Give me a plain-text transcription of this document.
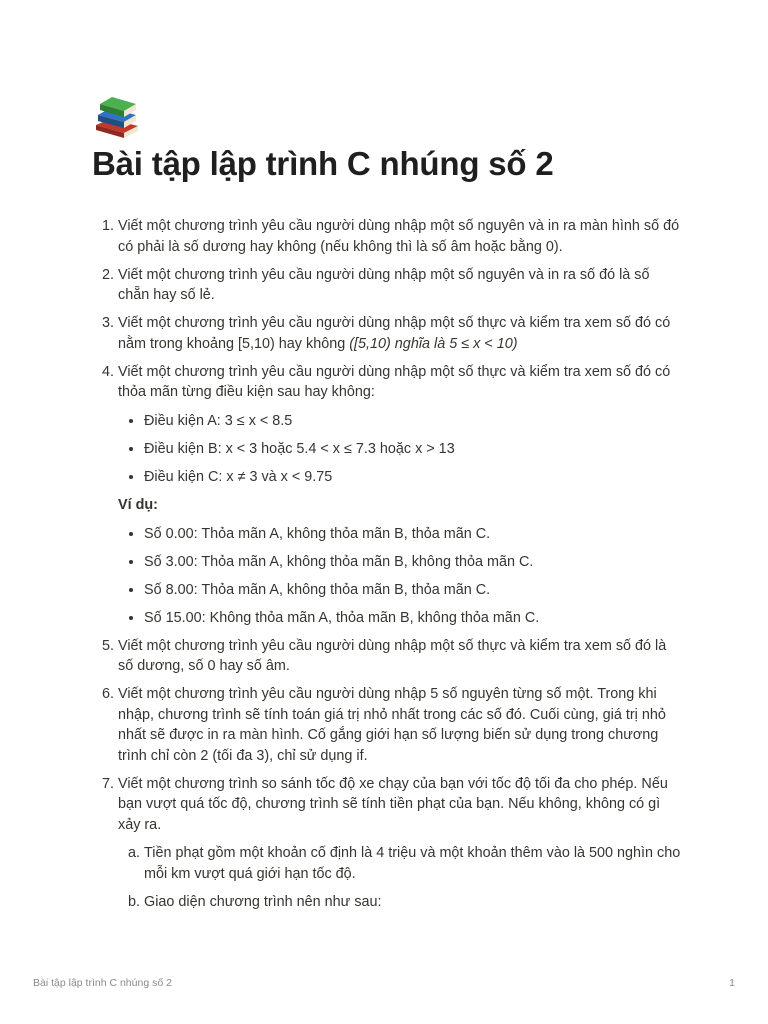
Bài tập lập trình C nhúng số 2
1. Viết một chương trình yêu cầu người dùng nhập một số nguyên và in ra màn hình số đó có phải là số dương hay không (nếu không thì là số âm hoặc bằng 0).
2. Viết một chương trình yêu cầu người dùng nhập một số nguyên và in ra số đó là số chẵn hay số lẻ.
3. Viết một chương trình yêu cầu người dùng nhập một số thực và kiểm tra xem số đó có nằm trong khoảng [5,10) hay không ([5,10) nghĩa là 5 ≤ x < 10)
4. Viết một chương trình yêu cầu người dùng nhập một số thực và kiểm tra xem số đó có thỏa mãn từng điều kiện sau hay không:
• Điều kiện A: 3 ≤ x < 8.5
• Điều kiện B: x < 3 hoặc 5.4 < x ≤ 7.3 hoặc x > 13
• Điều kiện C: x ≠ 3 và x < 9.75
Ví dụ:
• Số 0.00: Thỏa mãn A, không thỏa mãn B, thỏa mãn C.
• Số 3.00: Thỏa mãn A, không thỏa mãn B, không thỏa mãn C.
• Số 8.00: Thỏa mãn A, không thỏa mãn B, thỏa mãn C.
• Số 15.00: Không thỏa mãn A, thỏa mãn B, không thỏa mãn C.
5. Viết một chương trình yêu cầu người dùng nhập một số thực và kiểm tra xem số đó là số dương, số 0 hay số âm.
6. Viết một chương trình yêu cầu người dùng nhập 5 số nguyên từng số một. Trong khi nhập, chương trình sẽ tính toán giá trị nhỏ nhất trong các số đó. Cuối cùng, giá trị nhỏ nhất sẽ được in ra màn hình. Cố gắng giới hạn số lượng biến sử dụng trong chương trình chỉ còn 2 (tối đa 3), chỉ sử dụng if.
7. Viết một chương trình so sánh tốc độ xe chạy của bạn với tốc độ tối đa cho phép. Nếu bạn vượt quá tốc độ, chương trình sẽ tính tiền phạt của bạn. Nếu không, không có gì xảy ra.
a. Tiền phạt gồm một khoản cố định là 4 triệu và một khoản thêm vào là 500 nghìn cho mỗi km vượt quá giới hạn tốc độ.
b. Giao diện chương trình nên như sau:
Bài tập lập trình C nhúng số 2	1
